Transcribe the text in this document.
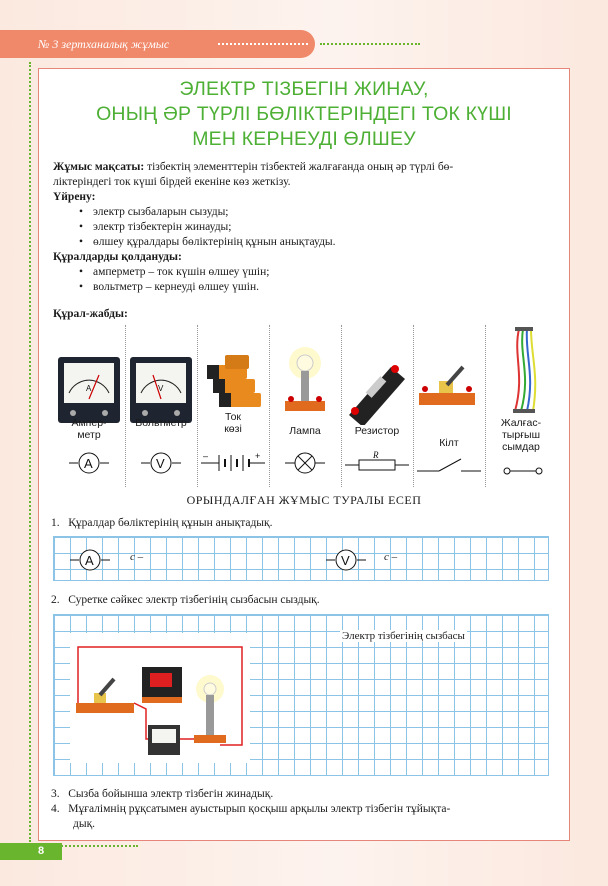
№ 3 зертханалық жұмыс
8
ЭЛЕКТР ТІЗБЕГІН ЖИНАУ,
ОНЫҢ ӘР ТҮРЛІ БӨЛІКТЕРІНДЕГІ ТОК КҮШІ
МЕН КЕРНЕУДІ ӨЛШЕУ
Жұмыс мақсаты: тізбектің элементтерін тізбектей жалғағанда оның әр түрлі бө-
ліктеріндегі ток күші бірдей екеніне көз жеткізу.
Үйрену:
• электр сызбаларын сызуды;
• электр тізбектерін жинауды;
• өлшеу құралдары бөліктерінің құнын анықтауды.
Құралдарды қолдануды:
• амперметр – ток күшін өлшеу үшін;
• вольтметр – кернеуді өлшеу үшін.
Құрал-жабды:
A
Ампер-
метр
A
V
Вольтметр
V
Ток
көзі
–	+
Лампа	Резистор
R
Кілт
Жалғас-
тырғыш
сымдар
ОРЫНДАЛҒАН ЖҰМЫС ТУРАЛЫ ЕСЕП
1. Құралдар бөліктерінің құнын анықтадық.
A	c –	V	c –
2. Суретке сәйкес электр тізбегінің сызбасын сыздық.
Электр тізбегінің сызбасы
3. Сызба бойынша электр тізбегін жинадық.
4. Мұғалімнің рұқсатымен ауыстырып қосқыш арқылы электр тізбегін тұйықта-
дық.
